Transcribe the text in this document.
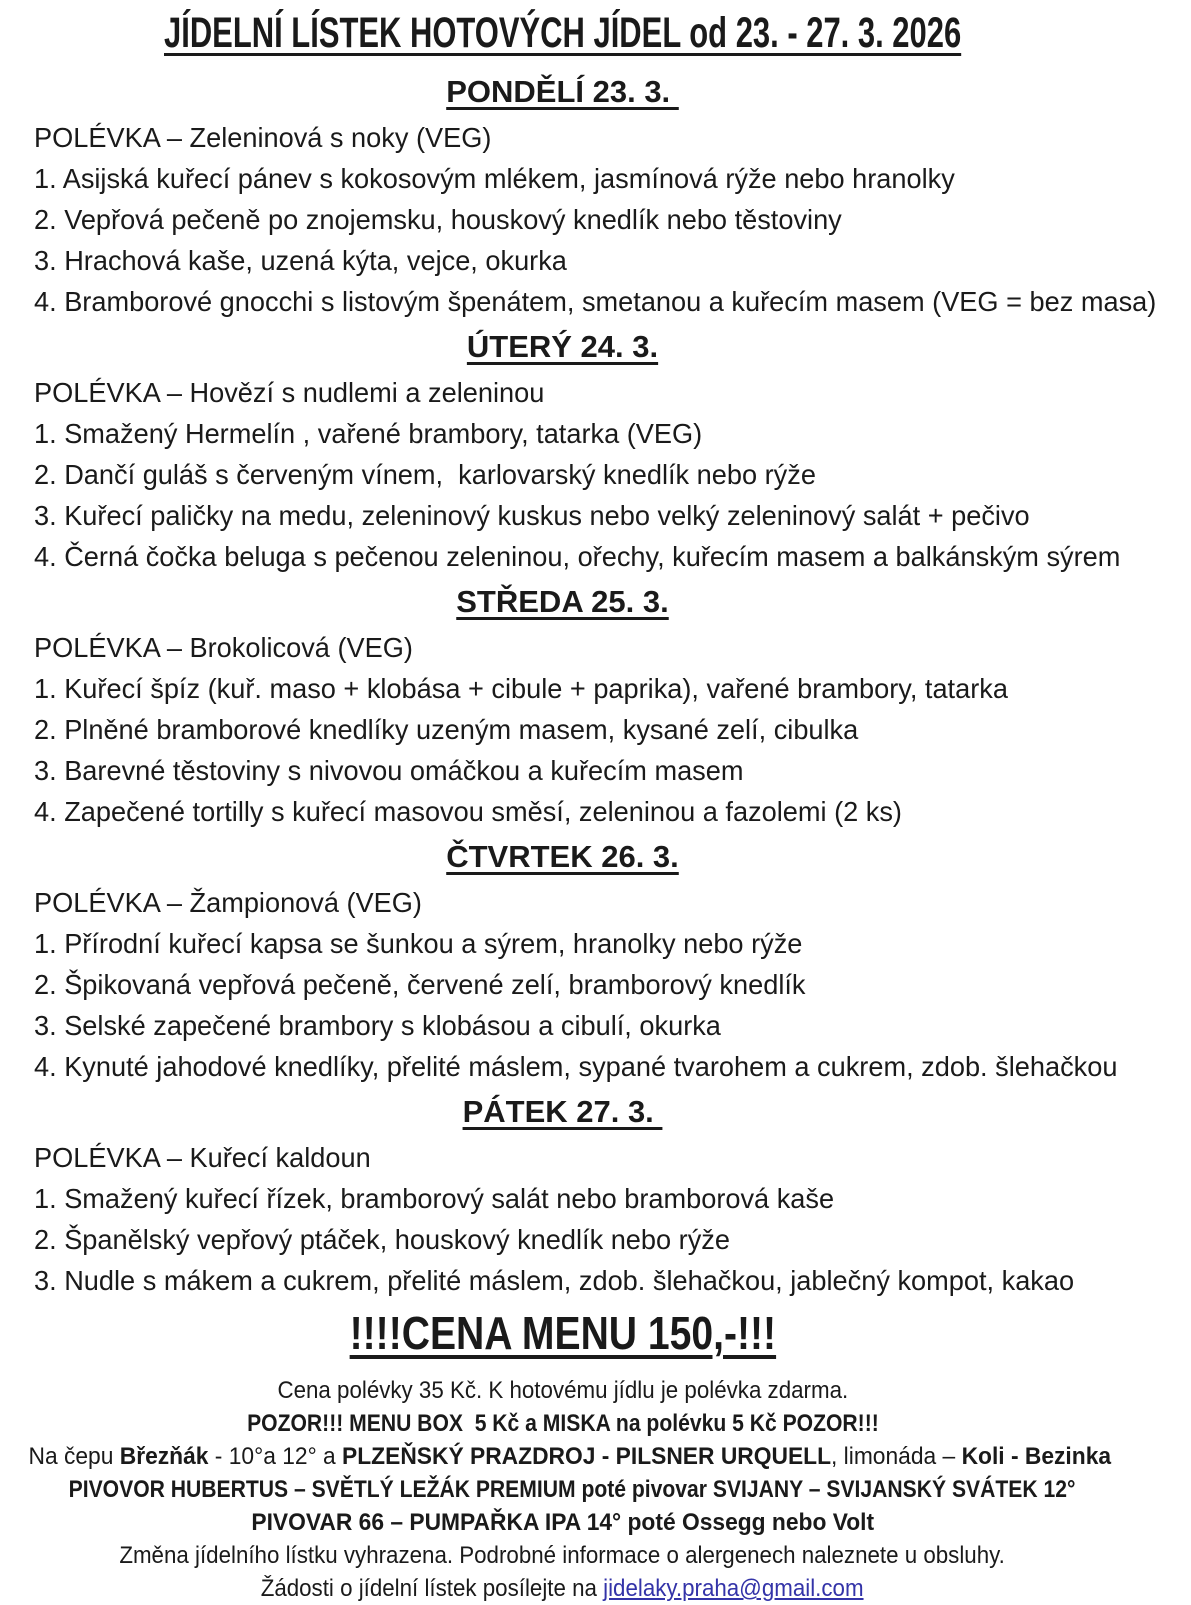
JÍDELNÍ LÍSTEK HOTOVÝCH JÍDEL od 23. - 27. 3. 2026
PONDĚLÍ 23. 3.
POLÉVKA – Zeleninová s noky (VEG)
1. Asijská kuřecí pánev s kokosovým mlékem, jasmínová rýže nebo hranolky
2. Vepřová pečeně po znojemsku, houskový knedlík nebo těstoviny
3. Hrachová kaše, uzená kýta, vejce, okurka
4. Bramborové gnocchi s listovým špenátem, smetanou a kuřecím masem (VEG = bez masa)
ÚTERÝ 24. 3.
POLÉVKA – Hovězí s nudlemi a zeleninou
1. Smažený Hermelín , vařené brambory, tatarka (VEG)
2. Dančí guláš s červeným vínem,  karlovarský knedlík nebo rýže
3. Kuřecí paličky na medu, zeleninový kuskus nebo velký zeleninový salát + pečivo
4. Černá čočka beluga s pečenou zeleninou, ořechy, kuřecím masem a balkánským sýrem
STŘEDA 25. 3.
POLÉVKA – Brokolicová (VEG)
1. Kuřecí špíz (kuř. maso + klobása + cibule + paprika), vařené brambory, tatarka
2. Plněné bramborové knedlíky uzeným masem, kysané zelí, cibulka
3. Barevné těstoviny s nivovou omáčkou a kuřecím masem
4. Zapečené tortilly s kuřecí masovou směsí, zeleninou a fazolemi (2 ks)
ČTVRTEK 26. 3.
POLÉVKA – Žampionová (VEG)
1. Přírodní kuřecí kapsa se šunkou a sýrem, hranolky nebo rýže
2. Špikovaná vepřová pečeně, červené zelí, bramborový knedlík
3. Selské zapečené brambory s klobásou a cibulí, okurka
4. Kynuté jahodové knedlíky, přelité máslem, sypané tvarohem a cukrem, zdob. šlehačkou
PÁTEK 27. 3.
POLÉVKA – Kuřecí kaldoun
1. Smažený kuřecí řízek, bramborový salát nebo bramborová kaše
2. Španělský vepřový ptáček, houskový knedlík nebo rýže
3. Nudle s mákem a cukrem, přelité máslem, zdob. šlehačkou, jablečný kompot, kakao
!!!!CENA MENU 150,-!!!
Cena polévky 35 Kč. K hotovému jídlu je polévka zdarma.
POZOR!!! MENU BOX  5 Kč a MISKA na polévku 5 Kč POZOR!!!
Na čepu Březňák - 10°a 12° a PLZEŇSKÝ PRAZDROJ - PILSNER URQUELL, limonáda – Koli - Bezinka
PIVOVOR HUBERTUS – SVĚTLÝ LEŽÁK PREMIUM poté pivovar SVIJANY – SVIJANSKÝ SVÁTEK 12°
PIVOVAR 66 – PUMPAŘKA IPA 14° poté Ossegg nebo Volt
Změna jídelního lístku vyhrazena. Podrobné informace o alergenech naleznete u obsluhy.
Žádosti o jídelní lístek posílejte na jidelaky.praha@gmail.com
